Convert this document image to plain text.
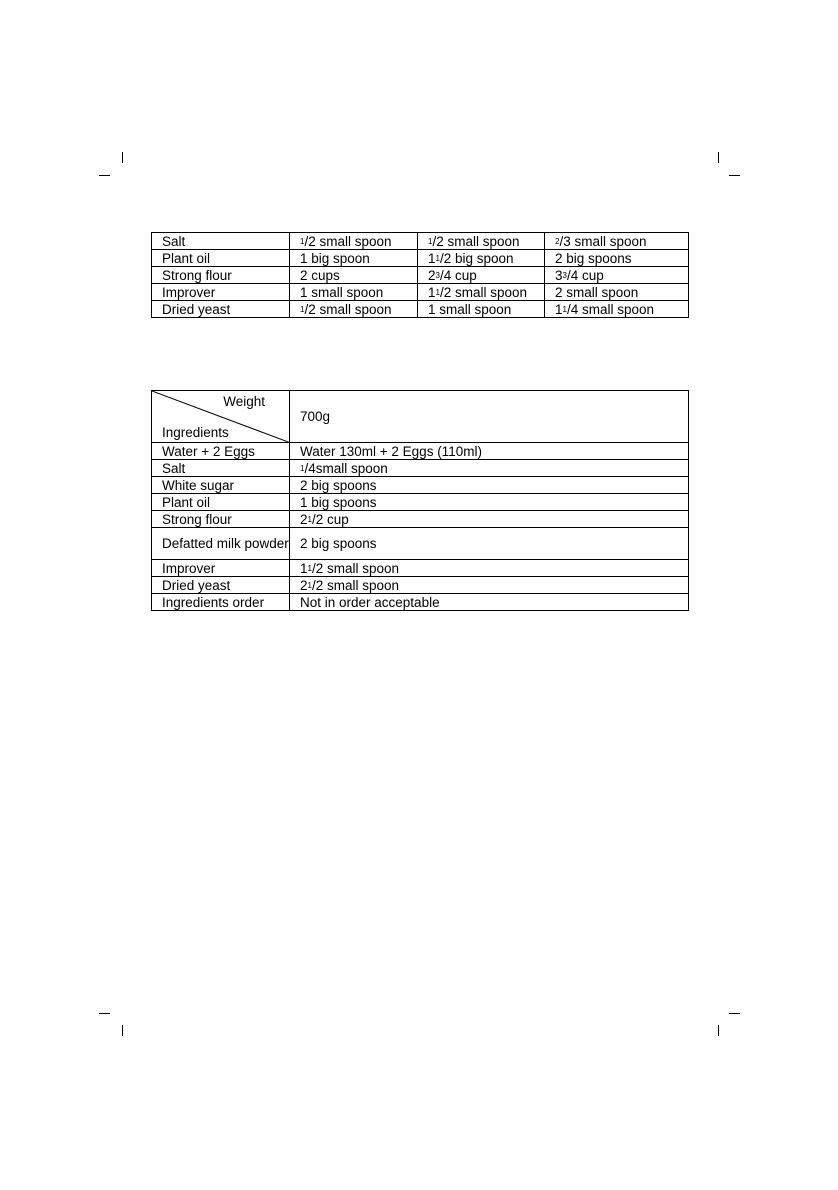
Salt	$^1$/2 small spoon	$^1$/2 small spoon	$^2$/3 small spoon
Plant oil	1 big spoon	$1^1/2$ big spoon	2 big spoons
Strong flour	2 cups	$2^3/4$ cup	$3^3/4$ cup
Improver	1 small spoon	$1^1/2$ small spoon	2 small spoon
Dried yeast	$^1$/2 small spoon	1 small spoon	$1^1/4$ small spoon
Weight
Ingredients	700g
Water + 2 Eggs	Water 130ml + 2 Eggs (110ml)
Salt	$^1$/4small spoon
White sugar	2 big spoons
Plant oil	1 big spoons
Strong flour	$2^1/2$ cup
Defatted milk powder	2 big spoons
Improver	$1^1/2$ small spoon
Dried yeast	$2^1/2$ small spoon
Ingredients order	Not in order acceptable
